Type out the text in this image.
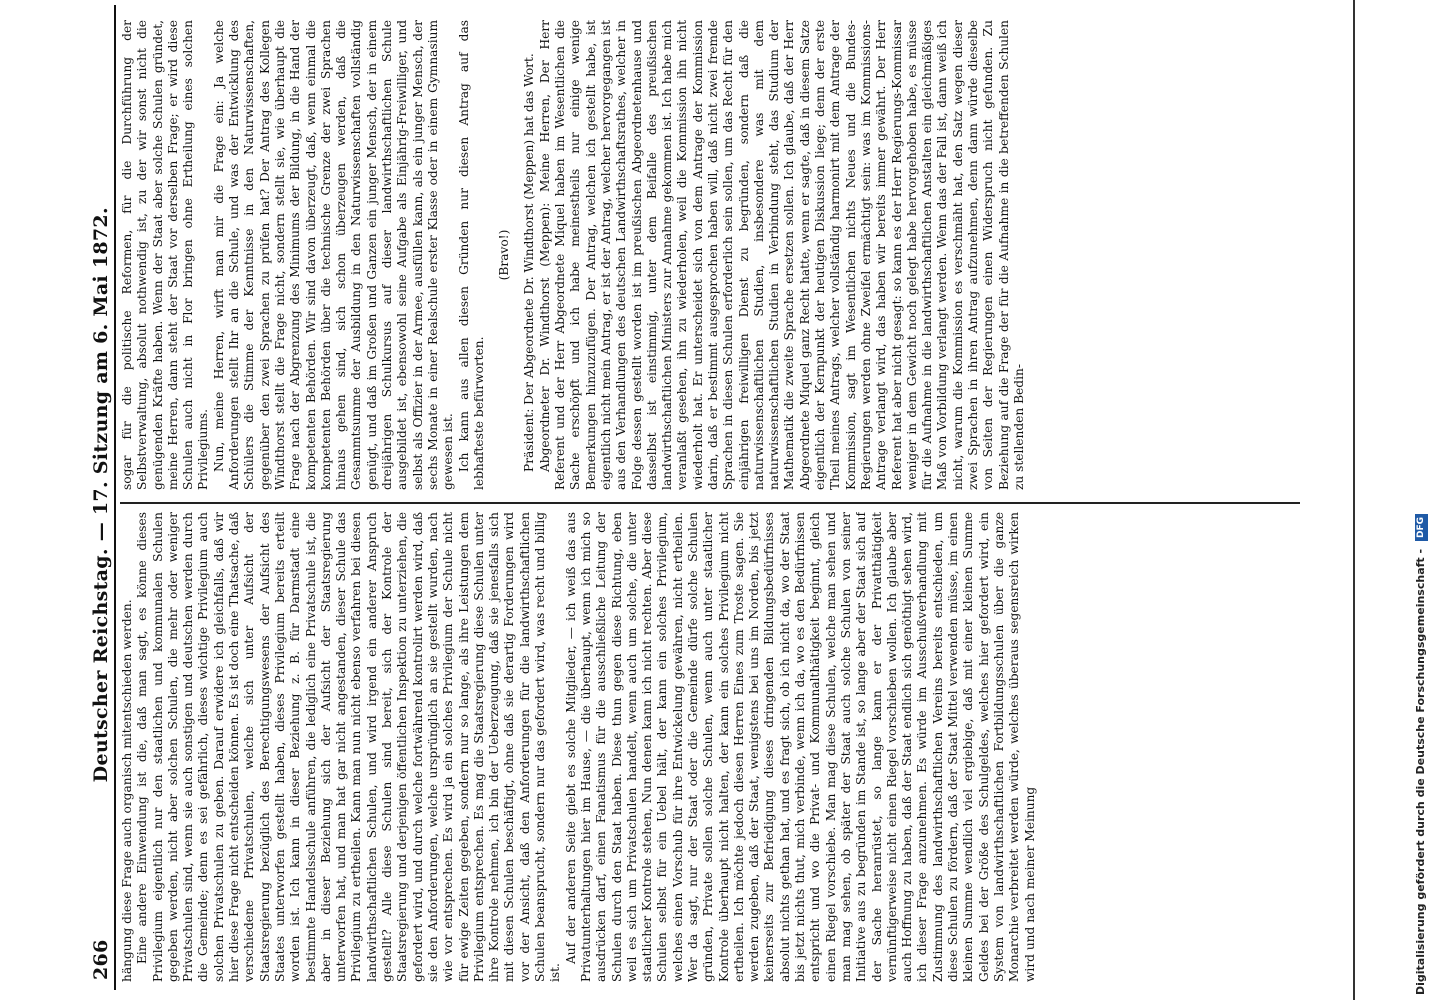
266
Deutscher Reichstag. — 17. Sitzung am 6. Mai 1872.

hängung diese Frage auch organisch mitentschieden werden. Eine andere Einwendung ist die, daß man sagt, es könne dieses Privilegium eigentlich nur den staatlichen und kommunalen Schulen gegeben werden, nicht aber solchen Schulen, die mehr oder weniger Privatschulen sind, wenn sie auch sonstigen und deutschen werden durch die Gemeinde; denn es sei gefährlich, dieses wichtige Privilegium auch solchen Privatschulen zu geben. Darauf erwidere ich gleichfalls, daß wir hier diese Frage nicht entscheiden können. Es ist doch eine Thatsache, daß verschiedene Privatschulen, welche sich unter Aufsicht der Staatsregierung bezüglich des Berechtigungswesens der Aufsicht des Staates unterworfen gestellt haben, dieses Privilegium bereits erteilt worden ist. Ich kann in dieser Beziehung z. B. für Darmstadt eine bestimmte Handelsschule anführen, die lediglich eine Privatschule ist, die aber in dieser Beziehung sich der Aufsicht der Staatsregierung unterworfen hat, und man hat gar nicht angestanden, dieser Schule das Privilegium zu ertheilen. Kann man nun nicht ebenso verfahren bei diesen landwirthschaftlichen Schulen, und wird irgend ein anderer Anspruch gestellt? Alle diese Schulen sind bereit, sich der Kontrole der Staatsregierung und derjenigen öffentlichen Inspektion zu unterziehen, die gefordert wird, und durch welche fortwährend kontrolirt werden wird, daß sie den Anforderungen, welche ursprünglich an sie gestellt wurden, nach wie vor entsprechen. Es wird ja ein solches Privilegium der Schule nicht für ewige Zeiten gegeben, sondern nur so lange, als ihre Leistungen dem Privilegium entsprechen. Es mag die Staatsregierung diese Schulen unter ihre Kontrole nehmen, ich bin der Ueberzeugung, daß sie jenesfalls sich mit diesen Schulen beschäftigt, ohne daß sie derartig Forderungen wird vor der Ansicht, daß den Anforderungen für die landwirthschaftlichen Schulen beansprucht, sondern nur das gefordert wird, was recht und billig ist.

Auf der anderen Seite giebt es solche Mitglieder, — ich weiß das aus Privatunterhaltungen hier im Hause, — die überhaupt, wenn ich mich so ausdrücken darf, einen Fanatismus für die ausschließliche Leitung der Schulen durch den Staat haben. Diese thun gegen diese Richtung, eben weil es sich um Privatschulen handelt, wenn auch um solche, die unter staatlicher Kontrole stehen, Nun denen kann ich nicht rechten. Aber diese Schulen selbst für ein Uebel hält, der kann ein solches Privilegium, welches einen Vorschub für ihre Entwickelung gewähren, nicht ertheilen. Wer da sagt, nur der Staat oder die Gemeinde dürfe solche Schulen gründen, Private sollen solche Schulen, wenn auch unter staatlicher Kontrole überhaupt nicht halten, der kann ein solches Privilegium nicht ertheilen. Ich möchte jedoch diesen Herren Eines zum Troste sagen. Sie werden zugeben, daß der Staat, wenigstens bei uns im Norden, bis jetzt keinerseits zur Befriedigung dieses dringenden Bildungsbedürfnisses absolut nichts gethan hat, und es fragt sich, ob ich nicht da, wo der Staat bis jetzt nichts thut, mich verbinde, wenn ich da, wo es den Bedürfnissen entspricht und wo die Privat- und Kommunalthätigkeit beginnt, gleich einen Riegel vorschiebe. Man mag diese Schulen, welche man sehen und man mag sehen, ob später der Staat auch solche Schulen von seiner Initiative aus zu begründen im Stande ist, so lange aber der Staat sich auf der Sache heranrüstet, so lange kann er der Privatthätigkeit vernünftigerweise nicht einen Riegel vorschieben wollen. Ich glaube aber auch Hoffnung zu haben, daß der Staat endlich sich genöthigt sehen wird, ich dieser Frage anzunehmen. Es würde im Ausschußverhandlung mit Zustimmung des landwirthschaftlichen Vereins bereits entschieden, um diese Schulen zu fördern, daß der Staat Mittel verwenden müsse, im einen kleinen Summe wendlich viel ergiebige, daß mit einer kleinen Summe Geldes bei der Größe des Schulgeldes, welches hier gefordert wird, ein System von landwirthschaftlichen Fortbildungsschulen über die ganze Monarchie verbreitet werden würde, welches überaus segensreich wirken wird und nach meiner Meinung

sogar für die politische Reformen, für die Durchführung der Selbstverwaltung, absolut nothwendig ist, zu der wir sonst nicht die genügenden Kräfte haben. Wenn der Staat aber solche Schulen gründet, meine Herren, dann steht der Staat vor derselben Frage; er wird diese Schulen auch nicht in Flor bringen ohne Ertheilung eines solchen Privilegiums. Nun, meine Herren, wirft man mir die Frage ein: Ja welche Anforderungen stellt Ihr an die Schule, und was der Entwicklung des Schülers die Stimme der Kenntnisse in den Naturwissenschaften, gegenüber den zwei Sprachen zu prüfen hat? Der Antrag des Kollegen Windthorst stellt die Frage nicht, sondern stellt sie, wie überhaupt die Frage nach der Abgrenzung des Minimums der Bildung, in die Hand der kompetenten Behörden. Wir sind davon überzeugt, daß, wenn einmal die kompetenten Behörden über die technische Grenze der zwei Sprachen hinaus gehen sind, sich schon überzeugen werden, daß die Gesammtsumme der Ausbildung in den Naturwissenschaften vollständig genügt, und daß im Großen und Ganzen ein junger Mensch, der in einem dreijährigen Schulkursus auf dieser landwirthschaftlichen Schule ausgebildet ist, ebensowohl seine Aufgabe als Einjährig-Freiwilliger, und selbst als Offizier in der Armee, ausfüllen kann, als ein junger Mensch, der sechs Monate in einer Realschule erster Klasse oder in einem Gymnasium gewesen ist. Ich kann aus allen diesen Gründen nur diesen Antrag auf das lebhafteste befürworten.

(Bravo!) Präsident: Der Abgeordnete Dr. Windthorst (Meppen) hat das Wort. Abgeordneter Dr. Windthorst (Meppen): Meine Herren, Der Herr Referent und der Herr Abgeordnete Miquel haben im Wesentlichen die Sache erschöpft und ich habe meinestheils nur einige wenige Bemerkungen hinzuzufügen. Der Antrag, welchen ich gestellt habe, ist eigentlich nicht mein Antrag, er ist der Antrag, welcher hervorgegangen ist aus den Verhandlungen des deutschen Landwirthschaftsrathes, welcher in Folge dessen gestellt worden ist im preußischen Abgeordnetenhause und dasselbst ist einstimmig, unter dem Beifalle des preußischen landwirthschaftlichen Ministers zur Annahme gekommen ist. Ich habe mich veranlaßt gesehen, ihn zu wiederholen, weil die Kommission ihn nicht wiederholt hat. Er unterscheidet sich von dem Antrage der Kommission darin, daß er bestimmt ausgesprochen haben will, daß nicht zwei fremde Sprachen in diesen Schulen erforderlich sein sollen, um das Recht für den einjährigen freiwilligen Dienst zu begründen, sondern daß die naturwissenschaftlichen Studien, insbesondere was mit dem naturwissenschaftlichen Studien in Verbindung steht, das Studium der Mathematik die zweite Sprache ersetzen sollen. Ich glaube, daß der Herr Abgeordnete Miquel ganz Recht hatte, wenn er sagte, daß in diesem Satze eigentlich der Kernpunkt der heutigen Diskussion liege; denn der erste Theil meines Antrags, welcher vollständig harmonirt mit dem Antrage der Kommission, sagt im Wesentlichen nichts Neues und die Bundes-Regierungen werden ohne Zweifel ermächtigt sein: was im Kommissions-Antrage verlangt wird, das haben wir bereits immer gewährt. Der Herr Referent hat aber nicht gesagt: so kann es der Herr Regierungs-Kommissar weniger in dem Gewicht noch gelegt habe hervorgehoben habe, es müsse für die Aufnahme in die landwirthschaftlichen Anstalten ein gleichmäßiges Maß von Vorbildung verlangt werden. Wenn das der Fall ist, dann weiß ich nicht, warum die Kommission es verschmäht hat, den Satz wegen dieser zwei Sprachen in ihren Antrag aufzunehmen, denn dann würde dieselbe von Seiten der Regierungen einen Widerspruch nicht gefunden. Zu Beziehung auf die Frage der für die Aufnahme in die betreffenden Schulen zu stellenden Bedin-

Digitalisierung gefördert durch die Deutsche Forschungsgemeinschaft -
DFG
